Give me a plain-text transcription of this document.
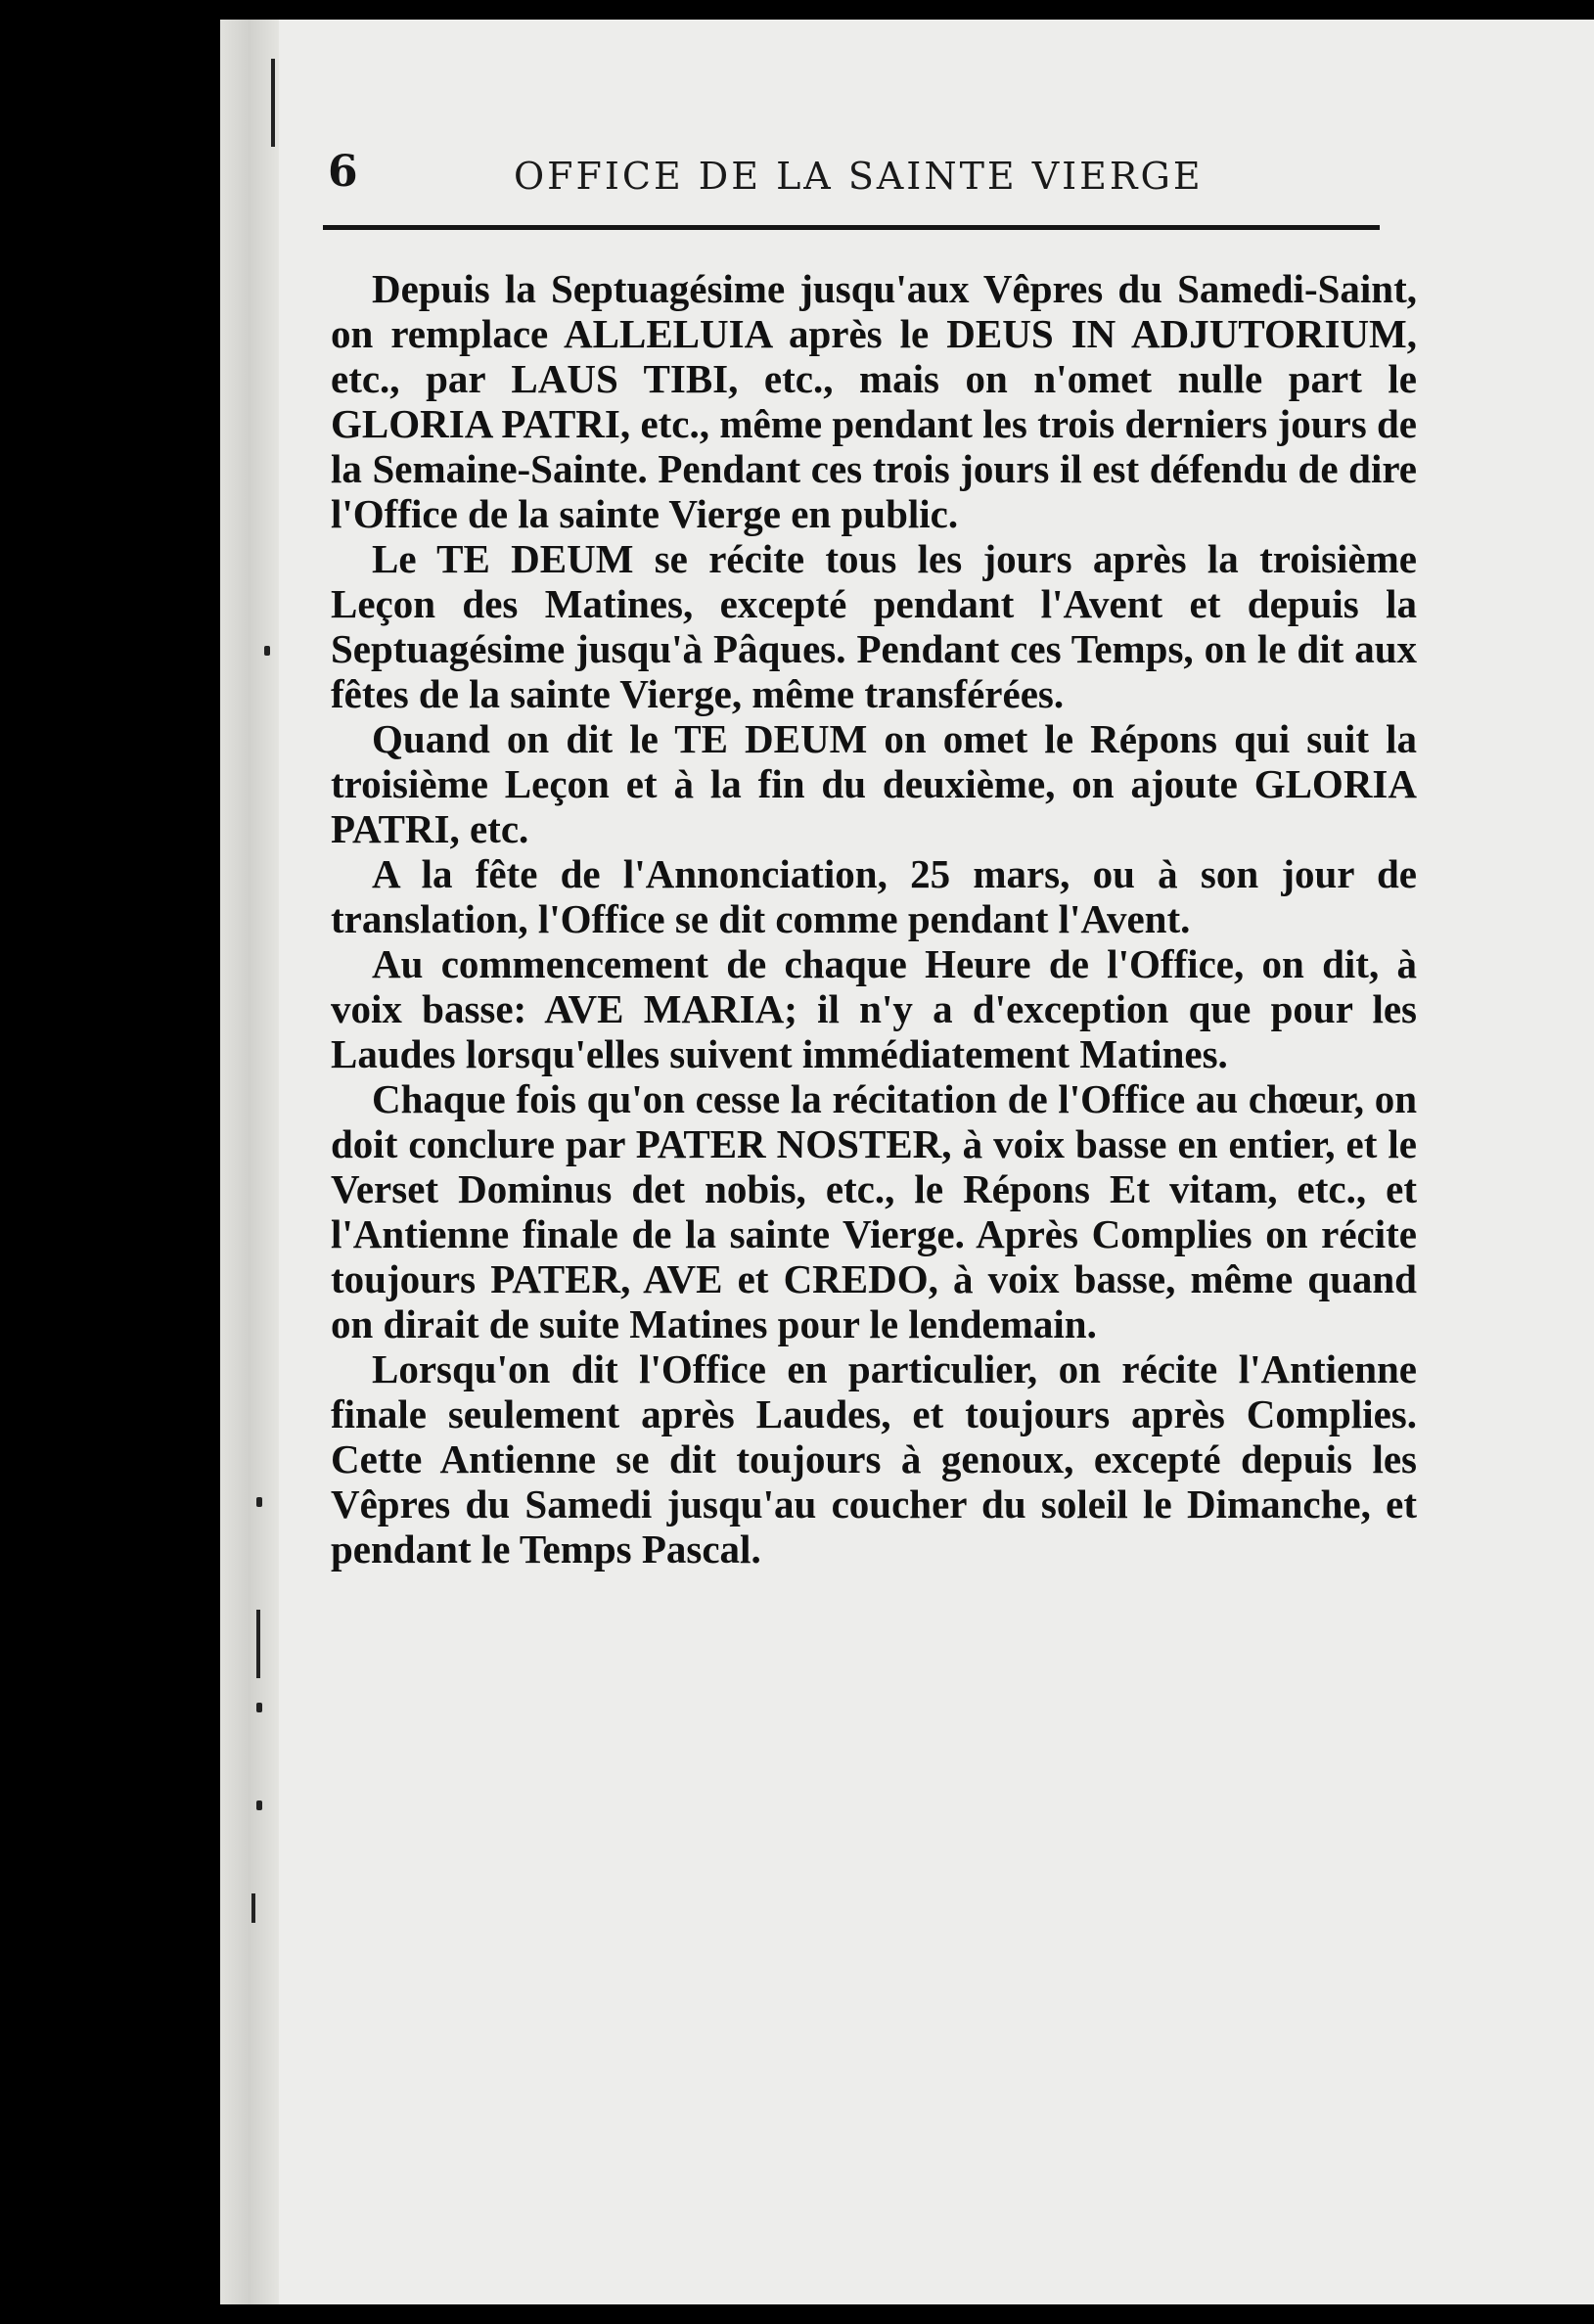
6	OFFICE DE LA SAINTE VIERGE

Depuis la Septuagésime jusqu'aux Vêpres du Samedi-Saint, on remplace ALLELUIA après le DEUS IN ADJUTORIUM, etc., par LAUS TIBI, etc., mais on n'omet nulle part le GLORIA PATRI, etc., même pendant les trois derniers jours de la Semaine-Sainte. Pendant ces trois jours il est défendu de dire l'Office de la sainte Vierge en public.

Le TE DEUM se récite tous les jours après la troisième Leçon des Matines, excepté pendant l'Avent et depuis la Septuagésime jusqu'à Pâques. Pendant ces Temps, on le dit aux fêtes de la sainte Vierge, même transférées.

Quand on dit le TE DEUM on omet le Répons qui suit la troisième Leçon et à la fin du deuxième, on ajoute GLORIA PATRI, etc.

A la fête de l'Annonciation, 25 mars, ou à son jour de translation, l'Office se dit comme pendant l'Avent.

Au commencement de chaque Heure de l'Office, on dit, à voix basse: AVE MARIA; il n'y a d'exception que pour les Laudes lorsqu'elles suivent immédiatement Matines.

Chaque fois qu'on cesse la récitation de l'Office au chœur, on doit conclure par PATER NOSTER, à voix basse en entier, et le Verset Dominus det nobis, etc., le Répons Et vitam, etc., et l'Antienne finale de la sainte Vierge. Après Complies on récite toujours PATER, AVE et CREDO, à voix basse, même quand on dirait de suite Matines pour le lendemain.

Lorsqu'on dit l'Office en particulier, on récite l'Antienne finale seulement après Laudes, et toujours après Complies. Cette Antienne se dit toujours à genoux, excepté depuis les Vêpres du Samedi jusqu'au coucher du soleil le Dimanche, et pendant le Temps Pascal.
